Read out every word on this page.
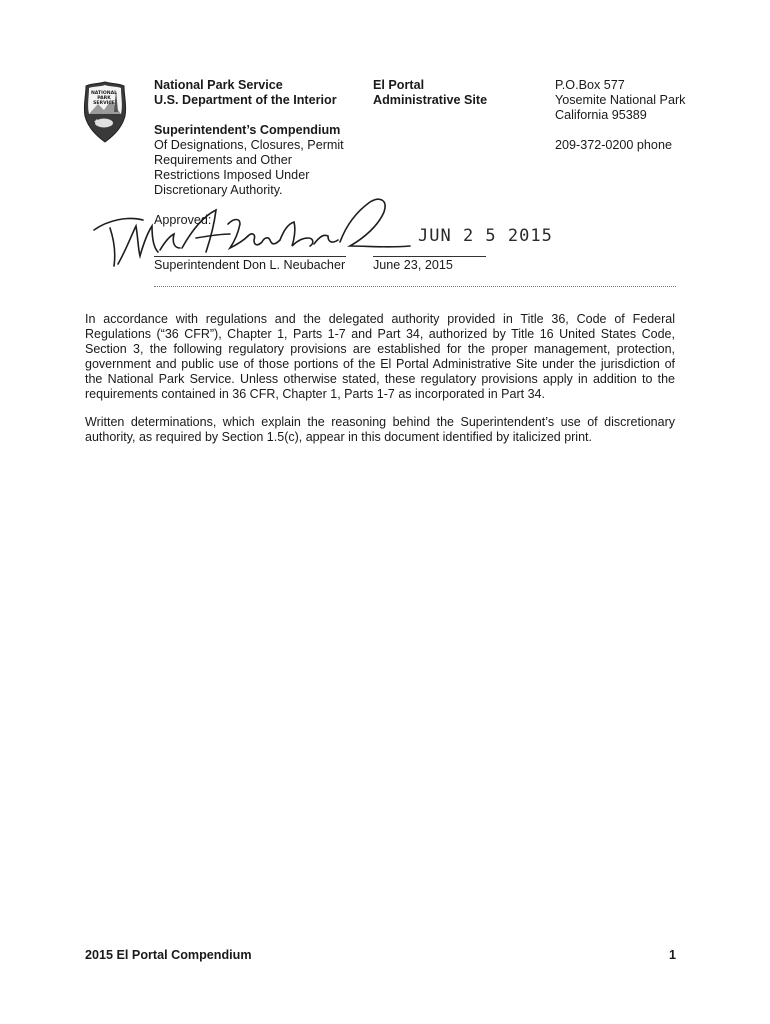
NATIONAL
PARK
SERVICE
National Park Service
U.S. Department of the Interior
El Portal
Administrative Site
P.O.Box 577
Yosemite National Park
California 95389
209-372-0200 phone
Superintendent’s Compendium
Of Designations, Closures, Permit
Requirements and Other
Restrictions Imposed Under
Discretionary Authority.
Approved:
JUN 2 5 2015
Superintendent Don L. Neubacher June 23, 2015
In accordance with regulations and the delegated authority provided in Title 36, Code of Federal Regulations (“36 CFR”), Chapter 1, Parts 1-7 and Part 34, authorized by Title 16 United States Code, Section 3, the following regulatory provisions are established for the proper management, protection, government and public use of those portions of the El Portal Administrative Site under the jurisdiction of the National Park Service. Unless otherwise stated, these regulatory provisions apply in addition to the requirements contained in 36 CFR, Chapter 1, Parts 1-7 as incorporated in Part 34.
Written determinations, which explain the reasoning behind the Superintendent’s use of discretionary authority, as required by Section 1.5(c), appear in this document identified by italicized print.
2015 El Portal Compendium	1
